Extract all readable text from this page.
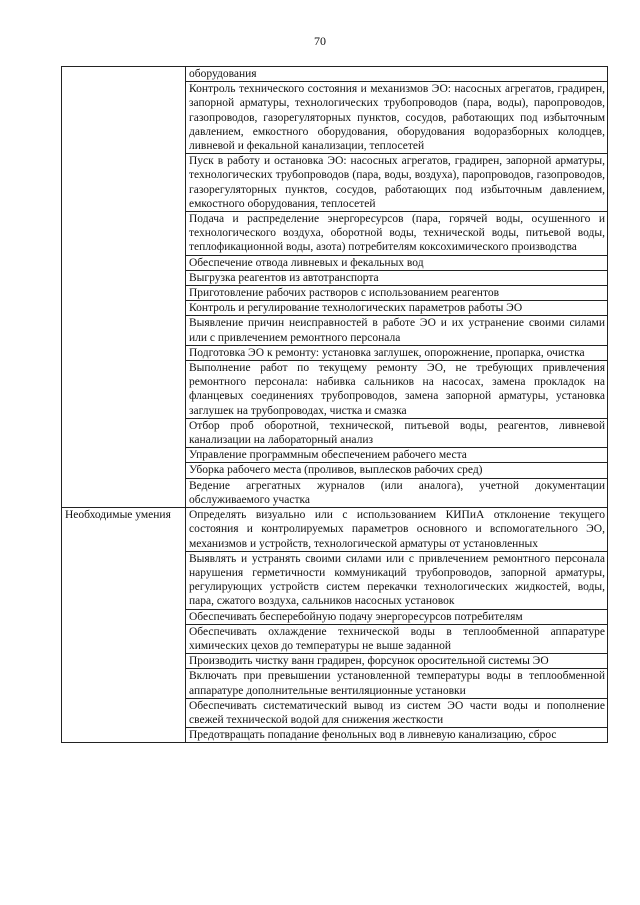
70
	оборудования
	Контроль технического состояния и механизмов ЭО: насосных агрегатов, градирен, запорной арматуры, технологических трубопроводов (пара, воды), паропроводов, газопроводов, газорегуляторных пунктов, сосудов, работающих под избыточным давлением, емкостного оборудования, оборудования водоразборных колодцев, ливневой и фекальной канализации, теплосетей
	Пуск в работу и остановка ЭО: насосных агрегатов, градирен, запорной арматуры, технологических трубопроводов (пара, воды, воздуха), паропроводов, газопроводов, газорегуляторных пунктов, сосудов, работающих под избыточным давлением, емкостного оборудования, теплосетей
	Подача и распределение энергоресурсов (пара, горячей воды, осушенного и технологического воздуха, оборотной воды, технической воды, питьевой воды, теплофикационной воды, азота) потребителям коксохимического производства
	Обеспечение отвода ливневых и фекальных вод
	Выгрузка реагентов из автотранспорта
	Приготовление рабочих растворов с использованием реагентов
	Контроль и регулирование технологических параметров работы ЭО
	Выявление причин неисправностей в работе ЭО и их устранение своими силами или с привлечением ремонтного персонала
	Подготовка ЭО к ремонту: установка заглушек, опорожнение, пропарка, очистка
	Выполнение работ по текущему ремонту ЭО, не требующих привлечения ремонтного персонала: набивка сальников на насосах, замена прокладок на фланцевых соединениях трубопроводов, замена запорной арматуры, установка заглушек на трубопроводах, чистка и смазка
	Отбор проб оборотной, технической, питьевой воды, реагентов, ливневой канализации на лабораторный анализ
	Управление программным обеспечением рабочего места
	Уборка рабочего места (проливов, выплесков рабочих сред)
	Ведение агрегатных журналов (или аналога), учетной документации обслуживаемого участка
Необходимые умения	Определять визуально или с использованием КИПиА отклонение текущего состояния и контролируемых параметров основного и вспомогательного ЭО, механизмов и устройств, технологической арматуры от установленных
	Выявлять и устранять своими силами или с привлечением ремонтного персонала нарушения герметичности коммуникаций трубопроводов, запорной арматуры, регулирующих устройств систем перекачки технологических жидкостей, воды, пара, сжатого воздуха, сальников насосных установок
	Обеспечивать бесперебойную подачу энергоресурсов потребителям
	Обеспечивать охлаждение технической воды в теплообменной аппаратуре химических цехов до температуры не выше заданной
	Производить чистку ванн градирен, форсунок оросительной системы ЭО
	Включать при превышении установленной температуры воды в теплообменной аппаратуре дополнительные вентиляционные установки
	Обеспечивать систематический вывод из систем ЭО части воды и пополнение свежей технической водой для снижения жесткости
	Предотвращать попадание фенольных вод в ливневую канализацию, сброс
